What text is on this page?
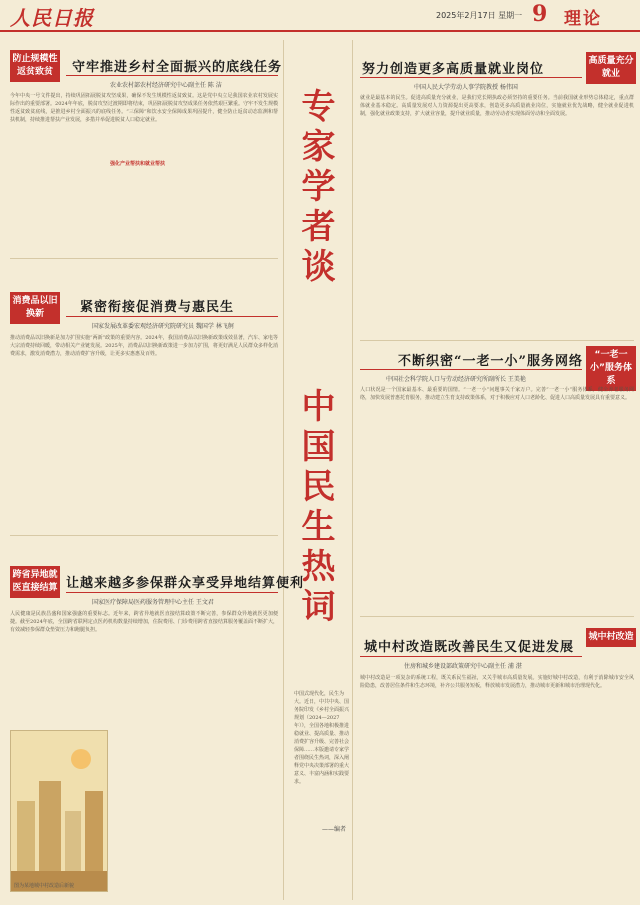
人民日报	2025年2月17日 星期一 9 理论
专家学者谈
中国民生热词
中国式现代化，民生为大。近日，中共中央、国务院印发《乡村全面振兴规划（2024—2027年）》，全国各地积极推进稳就业、提高质量、推动消费扩容升级、完善社会保障……本版邀请专家学者围绕民生热词，深入阐释党中央决策部署的重大意义、丰富内涵和实践要求。
——编者
防止规模性返贫致贫	守牢推进乡村全面振兴的底线任务
农业农村部农村经济研究中心副主任 陈 洁
今年中央一号文件提出，持续巩固拓展脱贫攻坚成果，确保不发生规模性返贫致贫。这是党中央立足我国农业农村发展实际作出的重要部署。2024年年底，脱贫攻坚过渡期即将结束，巩固拓展脱贫攻坚成果任务依然艰巨繁重。守牢不发生规模性返贫致贫底线，是推进乡村全面振兴的底线任务。“三保障”和饮水安全保障成果巩固提升，健全防止返贫动态监测和帮扶机制，持续推进帮扶产业发展，多措并举促进脱贫人口稳定就业。
强化产业帮扶和就业帮扶
消费品以旧换新	紧密衔接促消费与惠民生
国家发展改革委宏观经济研究院研究员 魏国学 林飞舸
推动消费品以旧换新是加力扩围实施“两新”政策的重要内容。2024年，我国消费品以旧换新政策成效显著，汽车、家电等大宗消费持续回暖，带动相关产业链发展。2025年，消费品以旧换新政策进一步加力扩围，将更好满足人民群众多样化消费需求，激发消费潜力，推动消费扩容升级，让更多实惠惠及百姓。
跨省异地就医直接结算 让越来越多参保群众享受异地结算便利
国家医疗保障局医药服务管理中心主任 王文君
人民健康是民族昌盛和国家强盛的重要标志。近年来，跨省异地就医直接结算政策不断完善，参保群众异地就医更加便捷。截至2024年底，全国跨省联网定点医药机构数量持续增加，住院费用、门诊费用跨省直接结算服务覆盖面不断扩大，有效减轻参保群众垫资压力和跑腿负担。
努力创造更多高质量就业岗位
高质量充分就业
中国人民大学劳动人事学院教授 杨伟国
就业是最基本的民生。促进高质量充分就业，是我们党长期执政必须坚持的重要任务。当前我国就业形势总体稳定，重点群体就业基本稳定。高质量发展对人力资源提出更高要求，创造更多高质量就业岗位，实施就业优先战略，健全就业促进机制，强化就业政策支持，扩大就业容量，提升就业质量，推动劳动者实现体面劳动和全面发展。
不断织密“一老一小”服务网络	“一老一小”服务体系
中国社会科学院人口与劳动经济研究所副所长 王美艳
人口状况是一个国家最基本、最重要的国情。“一老一小”问题事关千家万户。完善“一老一小”服务体系，健全养老服务网络，加快发展普惠托育服务，推动建立生育支持政策体系，对于积极应对人口老龄化、促进人口高质量发展具有重要意义。
城中村改造既改善民生又促进发展
城中村改造
住房和城乡建设部政策研究中心副主任 浦 湛
城中村改造是一项复杂的系统工程，既关系民生福祉，又关乎城市高质量发展。实施好城中村改造，有利于消除城市安全风险隐患，改善居住条件和生态环境，补齐公共服务短板，释放城市发展潜力，推动城市更新和城市治理现代化。
图为某地城中村改造后新貌
